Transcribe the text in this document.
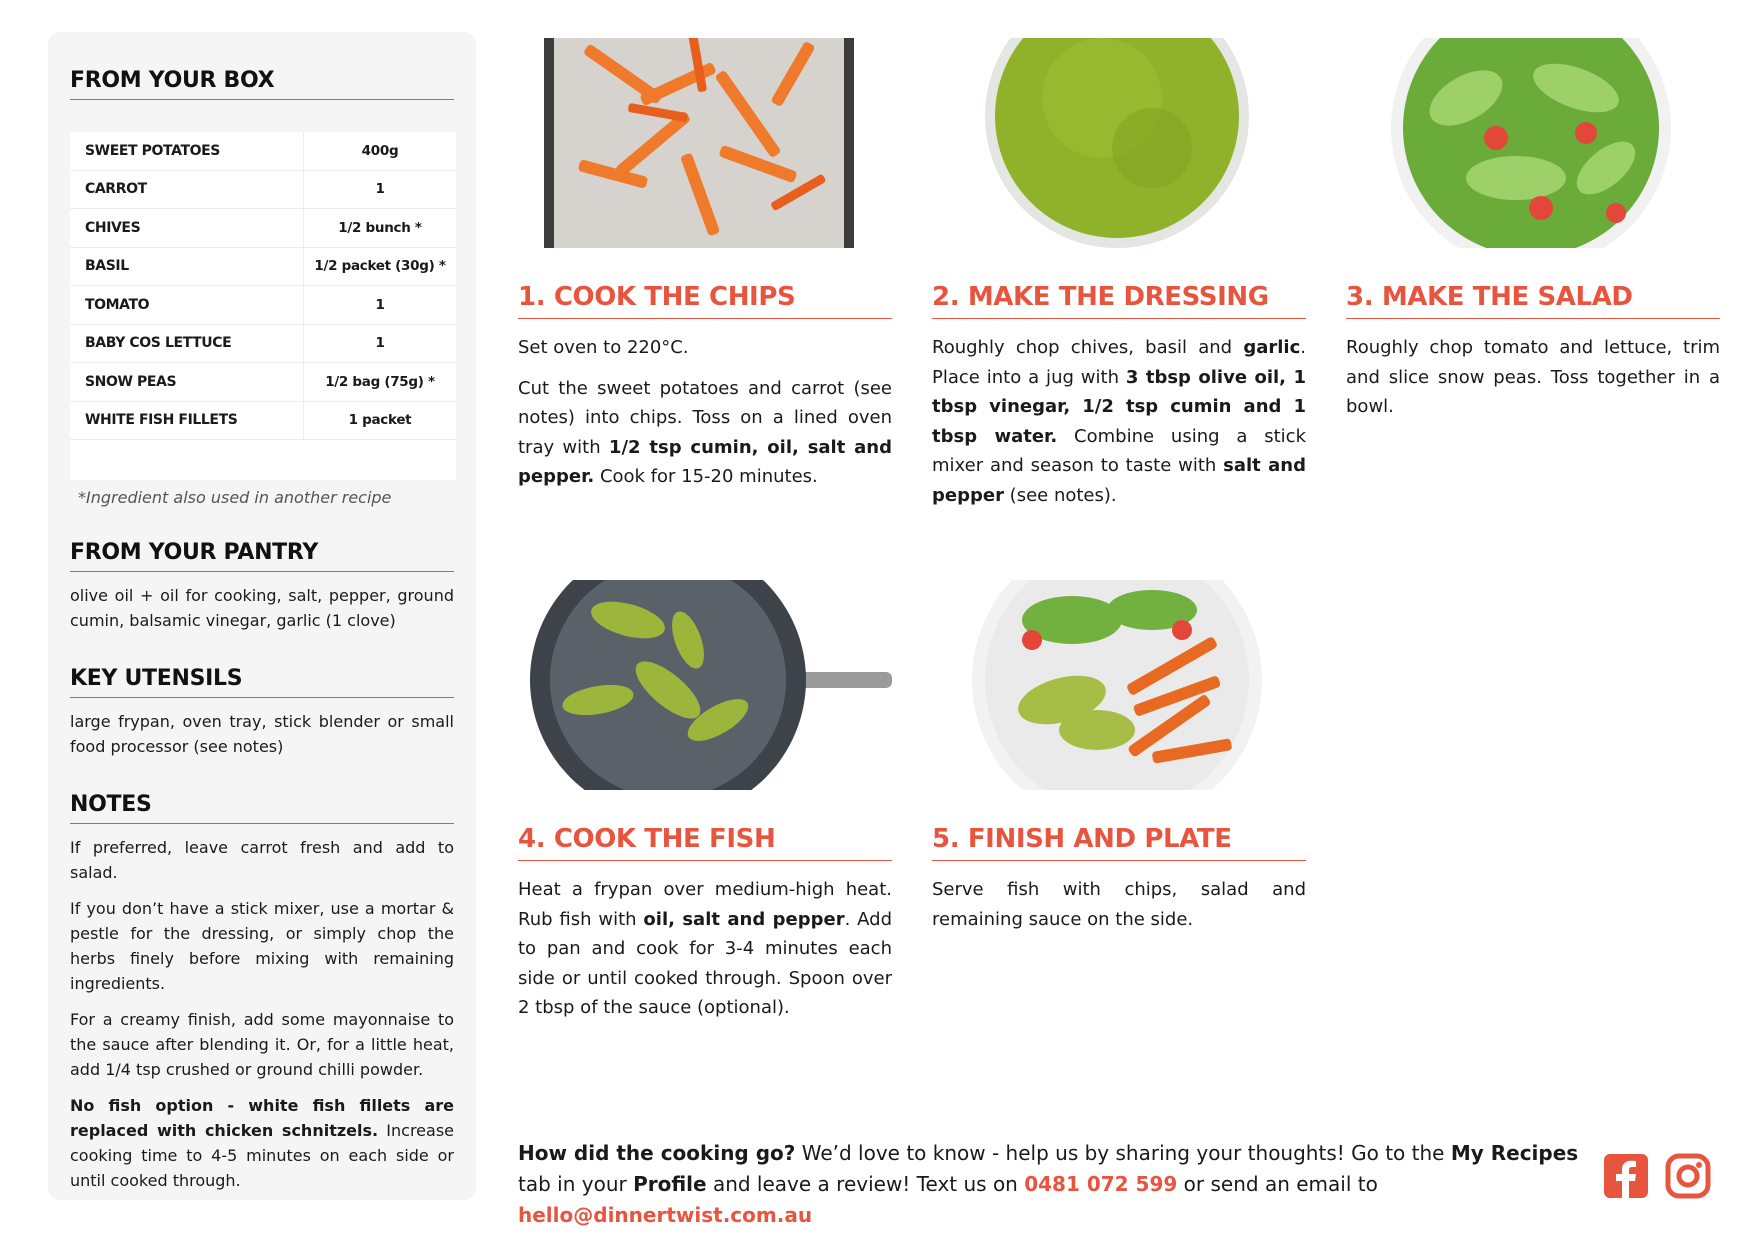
FROM YOUR BOX
SWEET POTATOES	400g
CARROT	1
CHIVES	1/2 bunch *
BASIL	1/2 packet (30g) *
TOMATO	1
BABY COS LETTUCE	1
SNOW PEAS	1/2 bag (75g) *
WHITE FISH FILLETS	1 packet
*Ingredient also used in another recipe
FROM YOUR PANTRY
olive oil + oil for cooking, salt, pepper, ground cumin, balsamic vinegar, garlic (1 clove)
KEY UTENSILS
large frypan, oven tray, stick blender or small food processor (see notes)
NOTES

If preferred, leave carrot fresh and add to salad.

If you don’t have a stick mixer, use a mortar & pestle for the dressing, or simply chop the herbs finely before mixing with remaining ingredients.

For a creamy finish, add some mayonnaise to the sauce after blending it. Or, for a little heat, add 1/4 tsp crushed or ground chilli powder.

No fish option - white fish fillets are replaced with chicken schnitzels. Increase cooking time to 4-5 minutes on each side or until cooked through.

1. COOK THE CHIPS

Set oven to 220°C.

Cut the sweet potatoes and carrot (see notes) into chips. Toss on a lined oven tray with 1/2 tsp cumin, oil, salt and pepper. Cook for 15-20 minutes.

2. MAKE THE DRESSING

Roughly chop chives, basil and garlic. Place into a jug with 3 tbsp olive oil, 1 tbsp vinegar, 1/2 tsp cumin and 1 tbsp water. Combine using a stick mixer and season to taste with salt and pepper (see notes).

3. MAKE THE SALAD

Roughly chop tomato and lettuce, trim and slice snow peas. Toss together in a bowl.

4. COOK THE FISH

Heat a frypan over medium-high heat. Rub fish with oil, salt and pepper. Add to pan and cook for 3-4 minutes each side or until cooked through. Spoon over 2 tbsp of the sauce (optional).

5. FINISH AND PLATE

Serve fish with chips, salad and remaining sauce on the side.

How did the cooking go? We’d love to know - help us by sharing your thoughts! Go to the My Recipes tab in your Profile and leave a review! Text us on 0481 072 599 or send an email to hello@dinnertwist.com.au
